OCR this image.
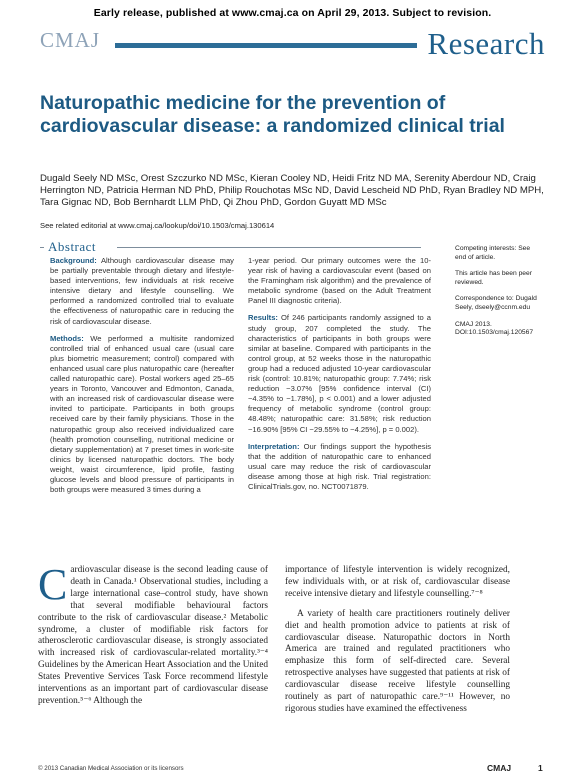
Early release, published at www.cmaj.ca on April 29, 2013. Subject to revision.
CMAJ	Research
Naturopathic medicine for the prevention of cardiovascular disease: a randomized clinical trial
Dugald Seely ND MSc, Orest Szczurko ND MSc, Kieran Cooley ND, Heidi Fritz ND MA, Serenity Aberdour ND, Craig Herrington ND, Patricia Herman ND PhD, Philip Rouchotas MSc ND, David Lescheid ND PhD, Ryan Bradley ND MPH, Tara Gignac ND, Bob Bernhardt LLM PhD, Qi Zhou PhD, Gordon Guyatt MD MSc
See related editorial at www.cmaj.ca/lookup/doi/10.1503/cmaj.130614
Abstract

Background: Although cardiovascular disease may be partially preventable through dietary and lifestyle-based interventions, few individuals at risk receive intensive dietary and lifestyle counselling. We performed a randomized controlled trial to evaluate the effectiveness of naturopathic care in reducing the risk of cardiovascular disease.

Methods: We performed a multisite randomized controlled trial of enhanced usual care (usual care plus biometric measurement; control) compared with enhanced usual care plus naturopathic care (hereafter called naturopathic care). Postal workers aged 25–65 years in Toronto, Vancouver and Edmonton, Canada, with an increased risk of cardiovascular disease were invited to participate. Participants in both groups received care by their family physicians. Those in the naturopathic group also received individualized care (health promotion counselling, nutritional medicine or dietary supplementation) at 7 preset times in work-site clinics by licensed naturopathic doctors. The body weight, waist circumference, lipid profile, fasting glucose levels and blood pressure of participants in both groups were measured 3 times during a

1-year period. Our primary outcomes were the 10-year risk of having a cardiovascular event (based on the Framingham risk algorithm) and the prevalence of metabolic syndrome (based on the Adult Treatment Panel III diagnostic criteria).

Results: Of 246 participants randomly assigned to a study group, 207 completed the study. The characteristics of participants in both groups were similar at baseline. Compared with participants in the control group, at 52 weeks those in the naturopathic group had a reduced adjusted 10-year cardiovascular risk (control: 10.81%; naturopathic group: 7.74%; risk reduction −3.07% [95% confidence interval (CI) −4.35% to −1.78%], p < 0.001) and a lower adjusted frequency of metabolic syndrome (control group: 48.48%; naturopathic care: 31.58%; risk reduction −16.90% [95% CI −29.55% to −4.25%], p = 0.002).

Interpretation: Our findings support the hypothesis that the addition of naturopathic care to enhanced usual care may reduce the risk of cardiovascular disease among those at high risk. Trial registration: ClinicalTrials.gov, no. NCT0071879.

Competing interests: See end of article.

This article has been peer reviewed.

Correspondence to: Dugald Seely, dseely@ccnm.edu

CMAJ 2013. DOI:10.1503/cmaj.120567

Cardiovascular disease is the second leading cause of death in Canada.¹ Observational studies, including a large international case–control study, have shown that several modifiable behavioural factors contribute to the risk of cardiovascular disease.² Metabolic syndrome, a cluster of modifiable risk factors for atherosclerotic cardiovascular disease, is strongly associated with increased risk of cardiovascular-related mortality.³⁻⁴ Guidelines by the American Heart Association and the United States Preventive Services Task Force recommend lifestyle interventions as an important part of cardiovascular disease prevention.⁵⁻⁶ Although the

importance of lifestyle intervention is widely recognized, few individuals with, or at risk of, cardiovascular disease receive intensive dietary and lifestyle counselling.⁷⁻⁸

A variety of health care practitioners routinely deliver diet and health promotion advice to patients at risk of cardiovascular disease. Naturopathic doctors in North America are trained and regulated practitioners who emphasize this form of self-directed care. Several retrospective analyses have suggested that patients at risk of cardiovascular disease receive lifestyle counselling routinely as part of naturopathic care.⁹⁻¹¹ However, no rigorous studies have examined the effectiveness

© 2013 Canadian Medical Association or its licensors	CMAJ	1
